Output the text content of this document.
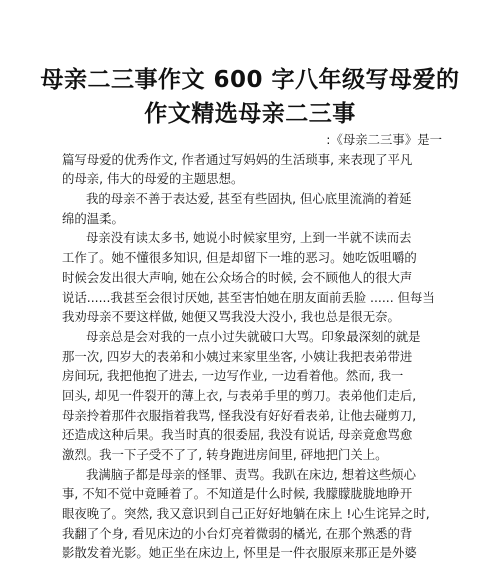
母亲二三事作文 600 字八年级写母爱的
作文精选母亲二三事
:《母亲二三事》是一
篇写母爱的优秀作文, 作者通过写妈妈的生活琐事, 来表现了平凡
的母亲, 伟大的母爱的主题思想。
我的母亲不善于表达爱, 甚至有些固执, 但心底里流淌的着延
绵的温柔。
母亲没有读太多书, 她说小时候家里穷, 上到一半就不读而去
工作了。她不懂很多知识, 但是却留下一堆的恶习。她吃饭咀嚼的
时候会发出很大声响, 她在公众场合的时候, 会不顾他人的很大声
说话......我甚至会很讨厌她, 甚至害怕她在朋友面前丢脸 ...... 但每当
我劝母亲不要这样做, 她便又骂我没大没小, 我也总是很无奈。
母亲总是会对我的一点小过失就破口大骂。印象最深刻的就是
那一次, 四岁大的表弟和小姨过来家里坐客, 小姨让我把表弟带进
房间玩, 我把他抱了进去, 一边写作业, 一边看着他。然而, 我一
回头, 却见一件裂开的薄上衣, 与表弟手里的剪刀。表弟他们走后,
母亲拎着那件衣服指着我骂, 怪我没有好好看表弟, 让他去碰剪刀,
还造成这种后果。我当时真的很委屈, 我没有说话, 母亲竟愈骂愈
激烈。我一下子受不了了, 转身跑进房间里, 砰地把门关上。
我满脑子都是母亲的怪罪、责骂。我趴在床边, 想着这些烦心
事, 不知不觉中竟睡着了。不知道是什么时候, 我朦朦胧胧地睁开
眼夜晚了。突然, 我又意识到自己正好好地躺在床上 !心生诧异之时,
我翻了个身, 看见床边的小台灯亮着微弱的橘光, 在那个熟悉的背
影散发着光影。她正坐在床边上, 怀里是一件衣服原来那正是外婆
